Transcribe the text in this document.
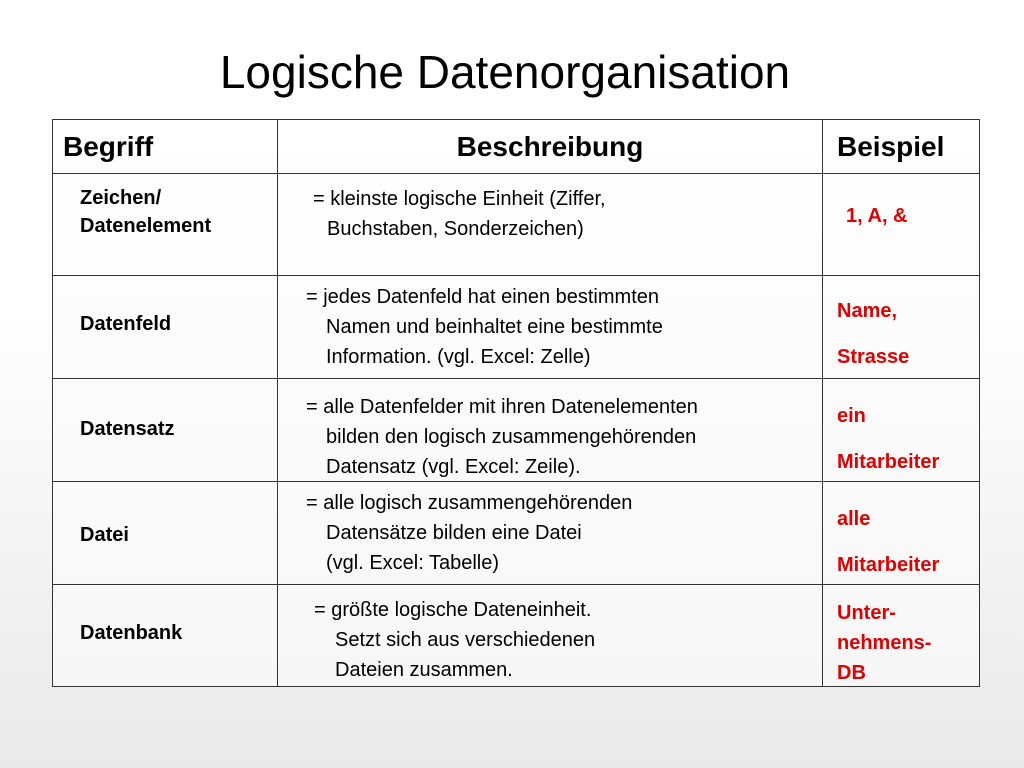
Logische Datenorganisation
Begriff	Beschreibung	Beispiel
Zeichen/
Datenelement
= kleinste logische Einheit (Ziffer,
Buchstaben, Sonderzeichen)
1, A, &
Datenfeld
= jedes Datenfeld hat einen bestimmten
Namen und beinhaltet eine bestimmte
Information. (vgl. Excel: Zelle)
Name,
Strasse
Datensatz
= alle Datenfelder mit ihren Datenelementen
bilden den logisch zusammengehörenden
Datensatz (vgl. Excel: Zeile).
ein
Mitarbeiter
Datei
= alle logisch zusammengehörenden
Datensätze bilden eine Datei
(vgl. Excel: Tabelle)
alle
Mitarbeiter
Datenbank
= größte logische Dateneinheit.
Setzt sich aus verschiedenen
Dateien zusammen.
Unter-
nehmens-
DB
